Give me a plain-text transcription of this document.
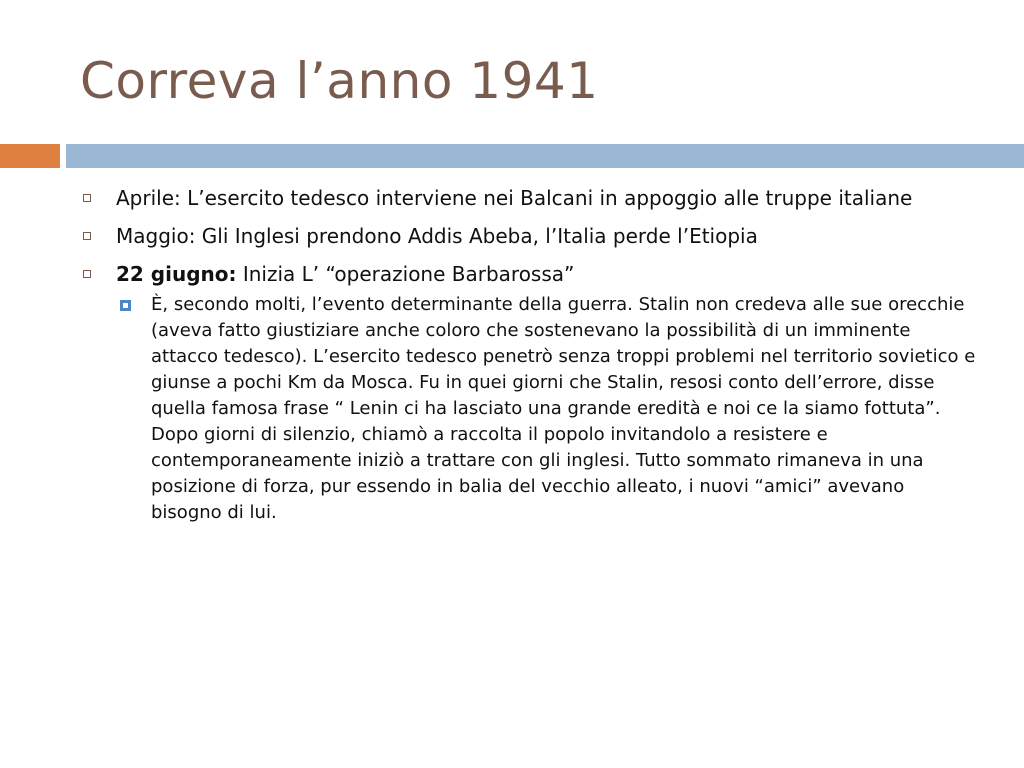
Correva l’anno 1941
Aprile: L’esercito tedesco interviene nei Balcani in appoggio alle truppe italiane
Maggio: Gli Inglesi prendono Addis Abeba, l’Italia perde l’Etiopia
22 giugno: Inizia L’ “operazione Barbarossa”
È, secondo molti, l’evento determinante della guerra. Stalin non credeva alle sue orecchie (aveva fatto giustiziare anche coloro che sostenevano la possibilità di un imminente attacco tedesco). L’esercito tedesco penetrò senza troppi problemi nel territorio sovietico e giunse a pochi Km da Mosca. Fu in quei giorni che Stalin, resosi conto dell’errore, disse quella famosa frase “ Lenin ci ha lasciato una grande eredità e noi ce la siamo fottuta”. Dopo giorni di silenzio, chiamò a raccolta il popolo invitandolo a resistere e contemporaneamente iniziò a trattare con gli inglesi. Tutto sommato rimaneva in una posizione di forza, pur essendo in balia del vecchio alleato, i nuovi “amici” avevano bisogno di lui.
